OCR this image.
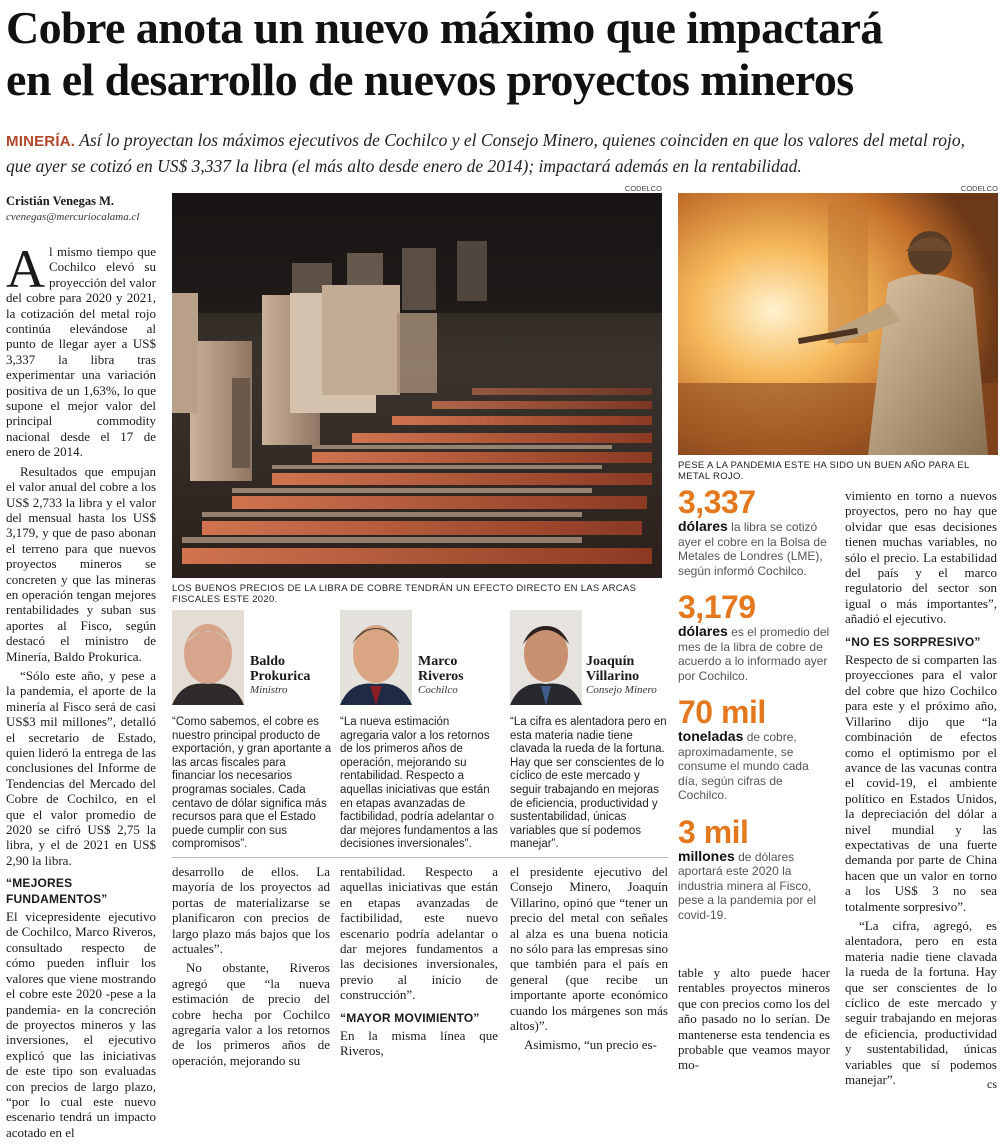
Cobre anota un nuevo máximo que impactará
en el desarrollo de nuevos proyectos mineros
MINERÍA. Así lo proyectan los máximos ejecutivos de Cochilco y el Consejo Minero, quienes coinciden en que los valores del metal rojo, que ayer se cotizó en US$ 3,337 la libra (el más alto desde enero de 2014); impactará además en la rentabilidad.
Cristián Venegas M.
cvenegas@mercuriocalama.cl

Al mismo tiempo que Cochilco elevó su proyección del valor del cobre para 2020 y 2021, la cotización del metal rojo continúa elevándose al punto de llegar ayer a US$ 3,337 la libra tras experimentar una variación positiva de un 1,63%, lo que supone el mejor valor del principal commodity nacional desde el 17 de enero de 2014.

Resultados que empujan el valor anual del cobre a los US$ 2,733 la libra y el valor del mensual hasta los US$ 3,179, y que de paso abonan el terreno para que nuevos proyectos mineros se concreten y que las mineras en operación tengan mejores rentabilidades y suban sus aportes al Fisco, según destacó el ministro de Minería, Baldo Prokurica.

“Sólo este año, y pese a la pandemia, el aporte de la minería al Fisco será de casi US$3 mil millones”, detalló el secretario de Estado, quien lideró la entrega de las conclusiones del Informe de Tendencias del Mercado del Cobre de Cochilco, en el que el valor promedio de 2020 se cifró US$ 2,75 la libra, y el de 2021 en US$ 2,90 la libra.

“MEJORES FUNDAMENTOS”

El vicepresidente ejecutivo de Cochilco, Marco Riveros, consultado respecto de cómo pueden influir los valores que viene mostrando el cobre este 2020 -pese a la pandemia- en la concreción de proyectos mineros y las inversiones, el ejecutivo explicó que las iniciativas de este tipo son evaluadas con precios de largo plazo, “por lo cual este nuevo escenario tendrá un impacto acotado en el

CODELCO
LOS BUENOS PRECIOS DE LA LIBRA DE COBRE TENDRÁN UN EFECTO DIRECTO EN LAS ARCAS FISCALES ESTE 2020.
CODELCO
PESE A LA PANDEMIA ESTE HA SIDO UN BUEN AÑO PARA EL METAL ROJO.
Baldo
Prokurica
Ministro
Marco
Riveros
Cochilco
Joaquín
Villarino
Consejo Minero
“Como sabemos, el cobre es nuestro principal producto de exportación, y gran aportante a las arcas fiscales para financiar los necesarios programas sociales. Cada centavo de dólar significa más recursos para que el Estado puede cumplir con sus compromisos”.
“La nueva estimación agregaria valor a los retornos de los primeros años de operación, mejorando su rentabilidad. Respecto a aquellas iniciativas que están en etapas avanzadas de factibilidad, podría adelantar o dar mejores fundamentos a las decisiones inversionales”.
“La cifra es alentadora pero en esta materia nadie tiene clavada la rueda de la fortuna. Hay que ser conscientes de lo cíclico de este mercado y seguir trabajando en mejoras de eficiencia, productividad y sustentabilidad, únicas variables que sí podemos manejar”.

desarrollo de ellos. La mayoría de los proyectos ad portas de materializarse se planificaron con precios de largo plazo más bajos que los actuales”.

No obstante, Riveros agregó que “la nueva estimación de precio del cobre hecha por Cochilco agregaría valor a los retornos de los primeros años de operación, mejorando su

rentabilidad. Respecto a aquellas iniciativas que están en etapas avanzadas de factibilidad, este nuevo escenario podría adelantar o dar mejores fundamentos a las decisiones inversionales, previo al inicio de construcción”.

“MAYOR MOVIMIENTO”

En la misma línea que Riveros,

el presidente ejecutivo del Consejo Minero, Joaquín Villarino, opinó que “tener un precio del metal con señales al alza es una buena noticia no sólo para las empresas sino que también para el país en general (que recibe un importante aporte económico cuando los márgenes son más altos)”.

Asimismo, “un precio es-

3,337
dólares la libra se cotizó ayer el cobre en la Bolsa de Metales de Londres (LME), según informó Cochilco.
3,179
dólares es el promedio del mes de la libra de cobre de acuerdo a lo informado ayer por Cochilco.
70 mil
toneladas de cobre, aproximadamente, se consume el mundo cada día, según cifras de Cochilco.
3 mil
millones de dólares aportará este 2020 la industria minera al Fisco, pese a la pandemia por el covid-19.

table y alto puede hacer rentables proyectos mineros que con precios como los del año pasado no lo serían. De mantenerse esta tendencia es probable que veamos mayor mo-

vimiento en torno a nuevos proyectos, pero no hay que olvidar que esas decisiones tienen muchas variables, no sólo el precio. La estabilidad del país y el marco regulatorio del sector son igual o más importantes”, añadió el ejecutivo.

“NO ES SORPRESIVO”

Respecto de si comparten las proyecciones para el valor del cobre que hizo Cochilco para este y el próximo año, Villarino dijo que “la combinación de efectos como el optimismo por el avance de las vacunas contra el covid-19, el ambiente político en Estados Unidos, la depreciación del dólar a nivel mundial y las expectativas de una fuerte demanda por parte de China hacen que un valor en torno a los US$ 3 no sea totalmente sorpresivo”.

“La cifra, agregó, es alentadora, pero en esta materia nadie tiene clavada la rueda de la fortuna. Hay que ser conscientes de lo cíclico de este mercado y seguir trabajando en mejoras de eficiencia, productividad y sustentabilidad, únicas variables que sí podemos manejar”.	cs
